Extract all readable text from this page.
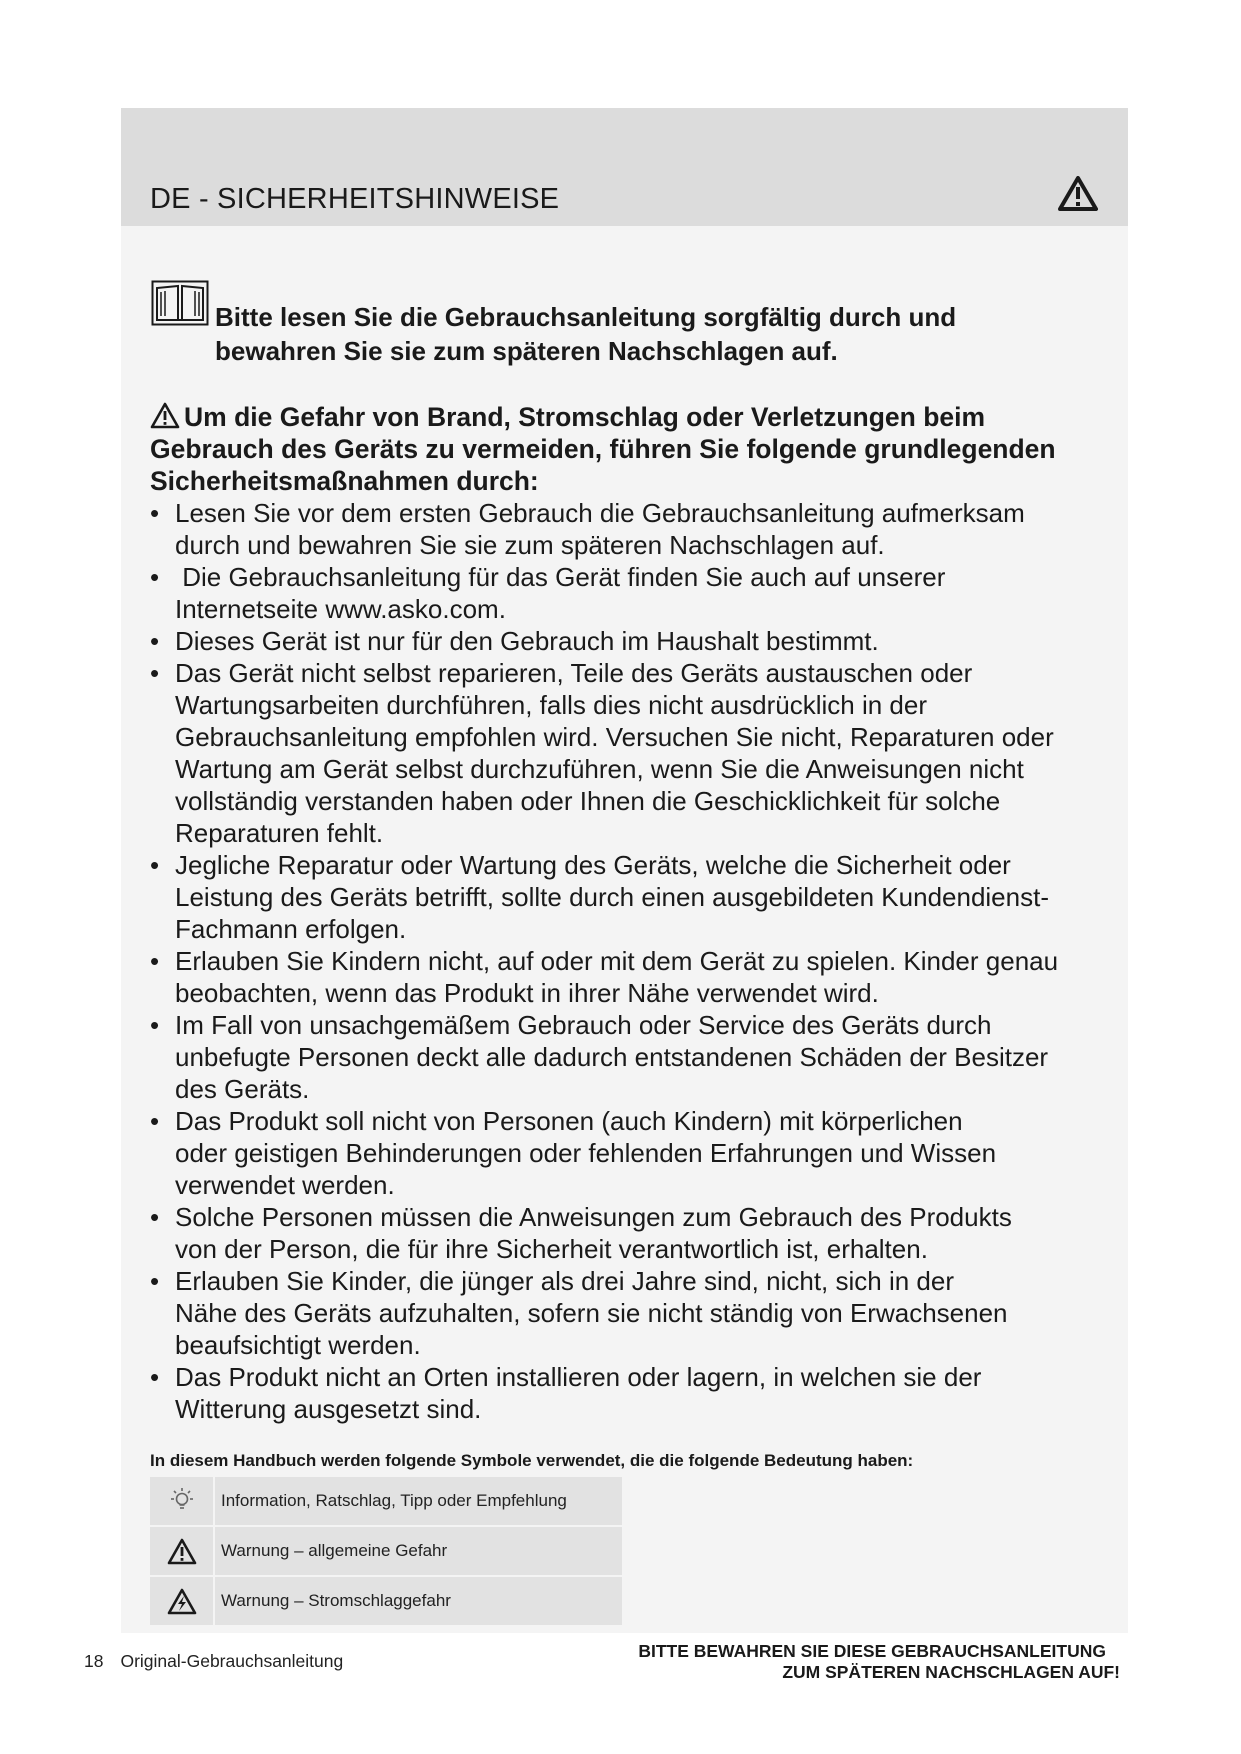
DE - SICHERHEITSHINWEISE
Bitte lesen Sie die Gebrauchsanleitung sorgfältig durch und
bewahren Sie sie zum späteren Nachschlagen auf.
Um die Gefahr von Brand, Stromschlag oder Verletzungen beim
Gebrauch des Geräts zu vermeiden, führen Sie folgende grundlegenden
Sicherheitsmaßnahmen durch:
• Lesen Sie vor dem ersten Gebrauch die Gebrauchsanleitung aufmerksam
durch und bewahren Sie sie zum späteren Nachschlagen auf.
•  Die Gebrauchsanleitung für das Gerät finden Sie auch auf unserer
Internetseite www.asko.com.
• Dieses Gerät ist nur für den Gebrauch im Haushalt bestimmt.
• Das Gerät nicht selbst reparieren, Teile des Geräts austauschen oder
Wartungsarbeiten durchführen, falls dies nicht ausdrücklich in der
Gebrauchsanleitung empfohlen wird. Versuchen Sie nicht, Reparaturen oder
Wartung am Gerät selbst durchzuführen, wenn Sie die Anweisungen nicht
vollständig verstanden haben oder Ihnen die Geschicklichkeit für solche
Reparaturen fehlt.
• Jegliche Reparatur oder Wartung des Geräts, welche die Sicherheit oder
Leistung des Geräts betrifft, sollte durch einen ausgebildeten Kundendienst-
Fachmann erfolgen.
• Erlauben Sie Kindern nicht, auf oder mit dem Gerät zu spielen. Kinder genau
beobachten, wenn das Produkt in ihrer Nähe verwendet wird.
• Im Fall von unsachgemäßem Gebrauch oder Service des Geräts durch
unbefugte Personen deckt alle dadurch entstandenen Schäden der Besitzer
des Geräts.
• Das Produkt soll nicht von Personen (auch Kindern) mit körperlichen
oder geistigen Behinderungen oder fehlenden Erfahrungen und Wissen
verwendet werden.
• Solche Personen müssen die Anweisungen zum Gebrauch des Produkts
von der Person, die für ihre Sicherheit verantwortlich ist, erhalten.
• Erlauben Sie Kinder, die jünger als drei Jahre sind, nicht, sich in der
Nähe des Geräts aufzuhalten, sofern sie nicht ständig von Erwachsenen
beaufsichtigt werden.
• Das Produkt nicht an Orten installieren oder lagern, in welchen sie der
Witterung ausgesetzt sind.
In diesem Handbuch werden folgende Symbole verwendet, die die folgende Bedeutung haben:
Information, Ratschlag, Tipp oder Empfehlung
Warnung – allgemeine Gefahr
Warnung – Stromschlaggefahr
18 Original-Gebrauchsanleitung	BITTE BEWAHREN SIE DIESE GEBRAUCHSANLEITUNG
ZUM SPÄTEREN NACHSCHLAGEN AUF!
